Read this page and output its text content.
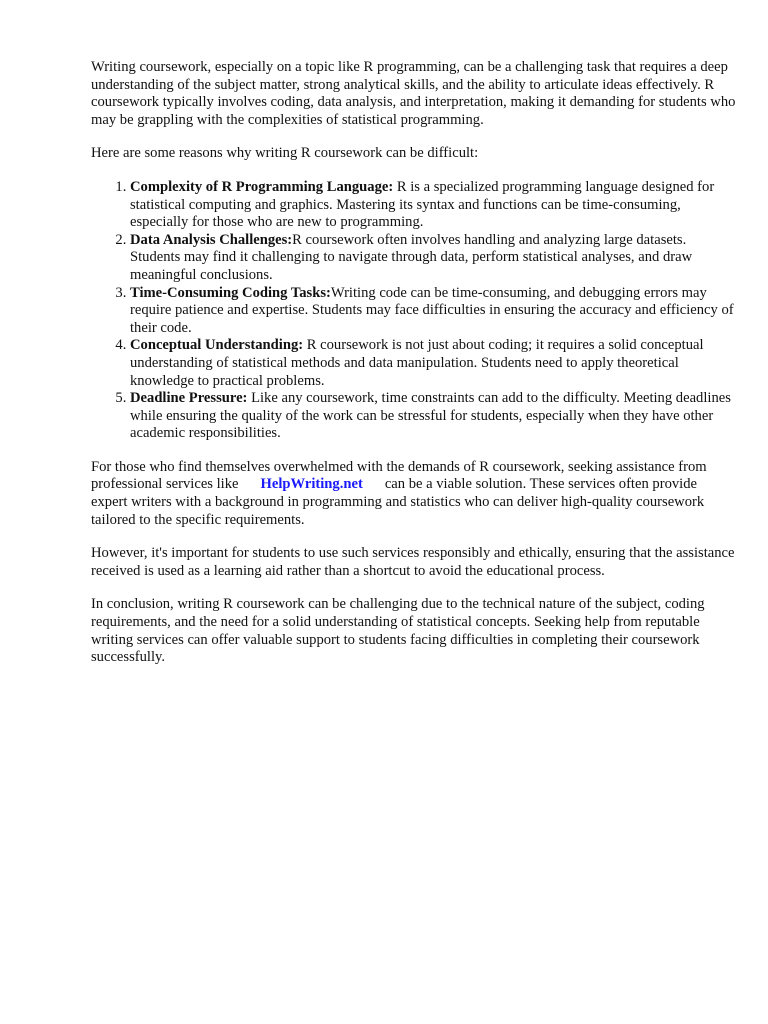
Writing coursework, especially on a topic like R programming, can be a challenging task that requires a deep understanding of the subject matter, strong analytical skills, and the ability to articulate ideas effectively. R coursework typically involves coding, data analysis, and interpretation, making it demanding for students who may be grappling with the complexities of statistical programming.

Here are some reasons why writing R coursework can be difficult:

1. Complexity of R Programming Language: R is a specialized programming language designed for statistical computing and graphics. Mastering its syntax and functions can be time-consuming, especially for those who are new to programming.
2. Data Analysis Challenges:R coursework often involves handling and analyzing large datasets. Students may find it challenging to navigate through data, perform statistical analyses, and draw meaningful conclusions.
3. Time-Consuming Coding Tasks:Writing code can be time-consuming, and debugging errors may require patience and expertise. Students may face difficulties in ensuring the accuracy and efficiency of their code.
4. Conceptual Understanding: R coursework is not just about coding; it requires a solid conceptual understanding of statistical methods and data manipulation. Students need to apply theoretical knowledge to practical problems.
5. Deadline Pressure: Like any coursework, time constraints can add to the difficulty. Meeting deadlines while ensuring the quality of the work can be stressful for students, especially when they have other academic responsibilities.

For those who find themselves overwhelmed with the demands of R coursework, seeking assistance from professional services like HelpWriting.net can be a viable solution. These services often provide expert writers with a background in programming and statistics who can deliver high-quality coursework tailored to the specific requirements.

However, it's important for students to use such services responsibly and ethically, ensuring that the assistance received is used as a learning aid rather than a shortcut to avoid the educational process.

In conclusion, writing R coursework can be challenging due to the technical nature of the subject, coding requirements, and the need for a solid understanding of statistical concepts. Seeking help from reputable writing services can offer valuable support to students facing difficulties in completing their coursework successfully.
